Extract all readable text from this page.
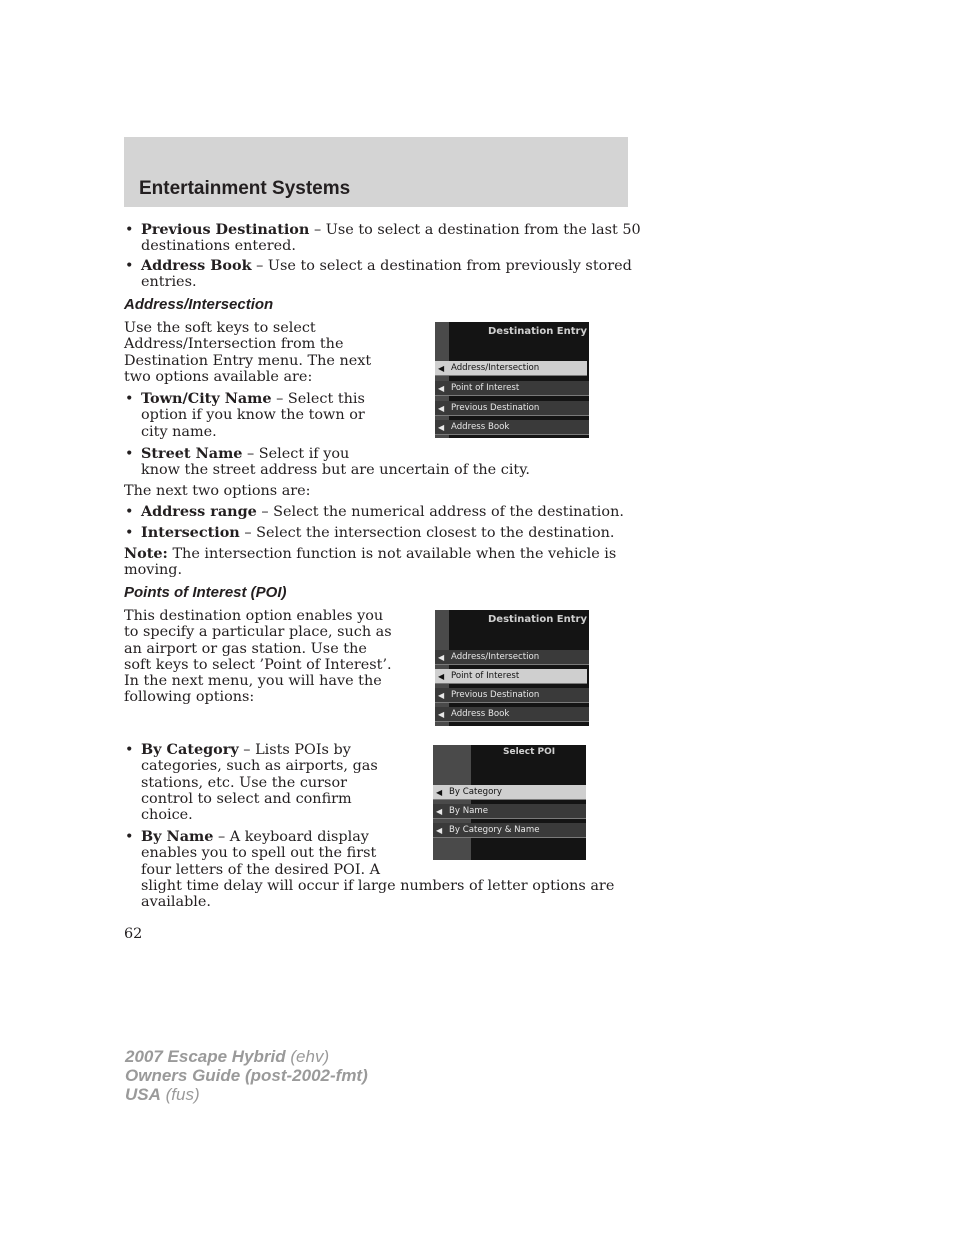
Entertainment Systems
• Previous Destination – Use to select a destination from the last 50
destinations entered.
• Address Book – Use to select a destination from previously stored
entries.
Address/Intersection
Use the soft keys to select
Address/Intersection from the
Destination Entry menu. The next
two options available are:
• Town/City Name – Select this
option if you know the town or
city name.
• Street Name – Select if you
know the street address but are uncertain of the city.
The next two options are:
• Address range – Select the numerical address of the destination.
• Intersection – Select the intersection closest to the destination.
Note: The intersection function is not available when the vehicle is
moving.
Destination Entry
◀ Address/Intersection
◀ Point of Interest
◀ Previous Destination
◀ Address Book
Points of Interest (POI)
This destination option enables you
to specify a particular place, such as
an airport or gas station. Use the
soft keys to select ’Point of Interest’.
In the next menu, you will have the
following options:
Destination Entry
◀ Address/Intersection
◀ Point of Interest
◀ Previous Destination
◀ Address Book
• By Category – Lists POIs by
categories, such as airports, gas
stations, etc. Use the cursor
control to select and confirm
choice.
• By Name – A keyboard display
enables you to spell out the first
four letters of the desired POI. A
slight time delay will occur if large numbers of letter options are
available.
Select POI
◀ By Category
◀ By Name
◀ By Category & Name
62
2007 Escape Hybrid (ehv)
Owners Guide (post-2002-fmt)
USA (fus)
